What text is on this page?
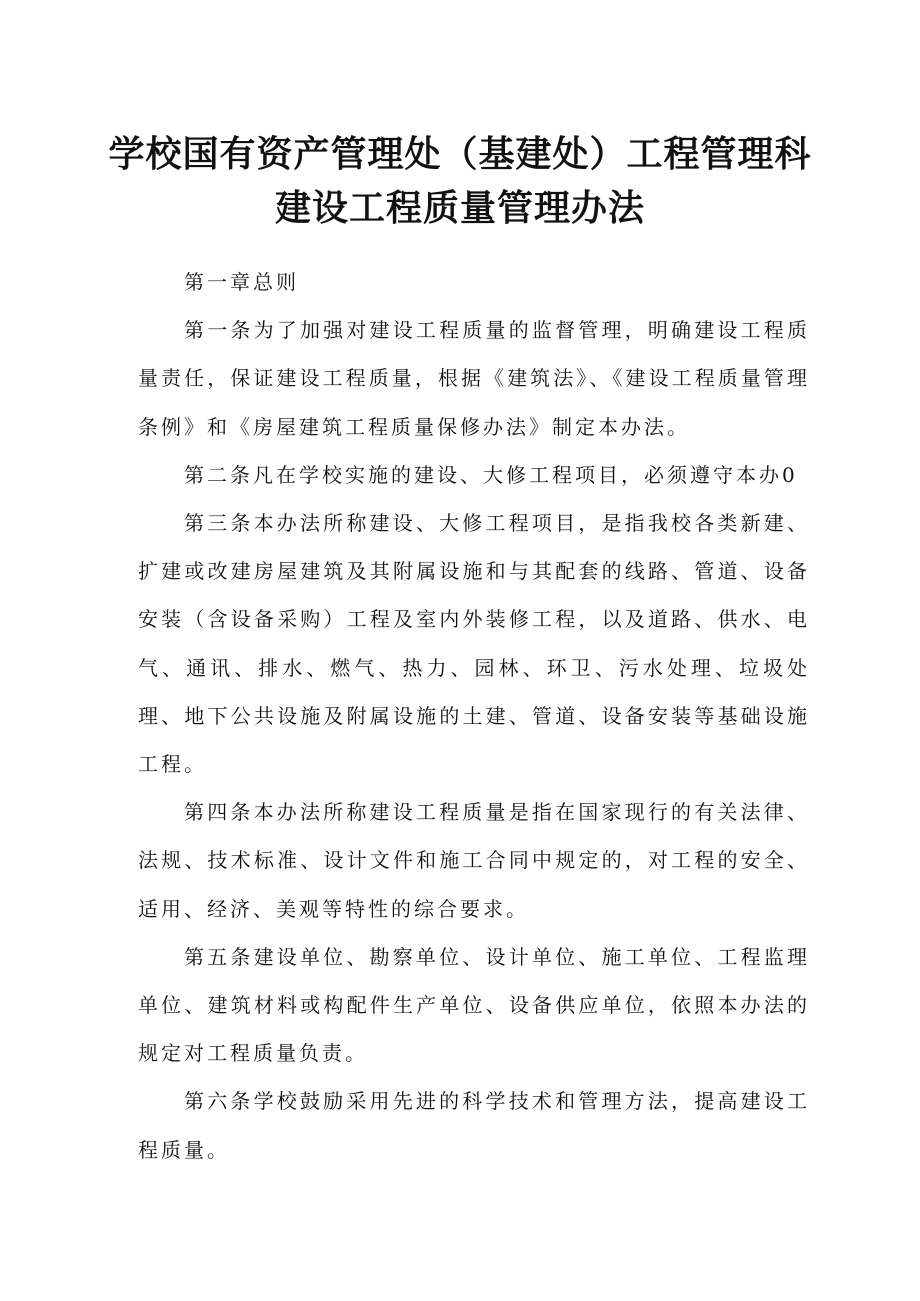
学校国有资产管理处（基建处）工程管理科
建设工程质量管理办法

第一章总则

第一条为了加强对建设工程质量的监督管理，明确建设工程质量责任，保证建设工程质量，根据《建筑法》、《建设工程质量管理条例》和《房屋建筑工程质量保修办法》制定本办法。

第二条凡在学校实施的建设、大修工程项目，必须遵守本办0

第三条本办法所称建设、大修工程项目，是指我校各类新建、扩建或改建房屋建筑及其附属设施和与其配套的线路、管道、设备安装（含设备采购）工程及室内外装修工程，以及道路、供水、电气、通讯、排水、燃气、热力、园林、环卫、污水处理、垃圾处理、地下公共设施及附属设施的土建、管道、设备安装等基础设施工程。

第四条本办法所称建设工程质量是指在国家现行的有关法律、法规、技术标准、设计文件和施工合同中规定的，对工程的安全、适用、经济、美观等特性的综合要求。

第五条建设单位、勘察单位、设计单位、施工单位、工程监理单位、建筑材料或构配件生产单位、设备供应单位，依照本办法的规定对工程质量负责。

第六条学校鼓励采用先进的科学技术和管理方法，提高建设工程质量。
